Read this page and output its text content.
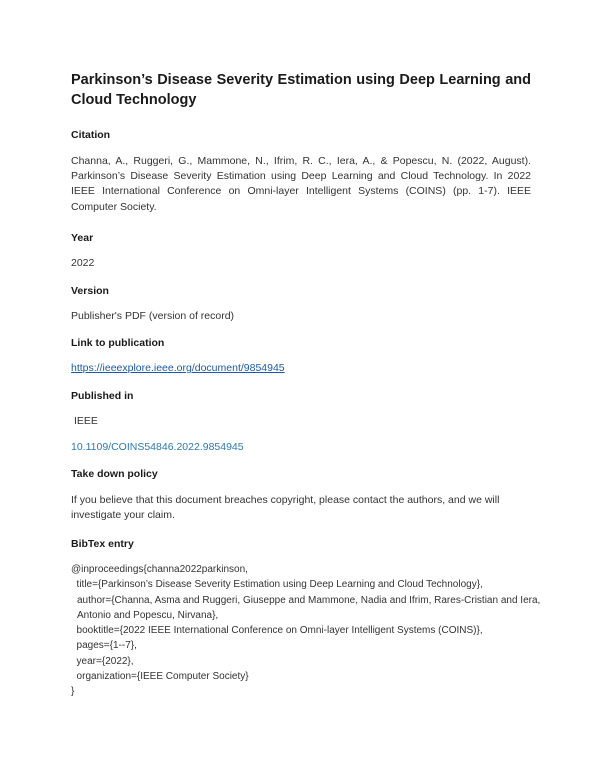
Parkinson’s Disease Severity Estimation using Deep Learning and Cloud Technology
Citation
Channa, A., Ruggeri, G., Mammone, N., Ifrim, R. C., Iera, A., & Popescu, N. (2022, August). Parkinson’s Disease Severity Estimation using Deep Learning and Cloud Technology. In 2022 IEEE International Conference on Omni-layer Intelligent Systems (COINS) (pp. 1-7). IEEE Computer Society.
Year
2022
Version
Publisher's PDF (version of record)
Link to publication
https://ieeexplore.ieee.org/document/9854945
Published in
IEEE
10.1109/COINS54846.2022.9854945
Take down policy
If you believe that this document breaches copyright, please contact the authors, and we will investigate your claim.
BibTex entry
@inproceedings{channa2022parkinson,
title={Parkinson’s Disease Severity Estimation using Deep Learning and Cloud Technology},
author={Channa, Asma and Ruggeri, Giuseppe and Mammone, Nadia and Ifrim, Rares-Cristian and Iera, Antonio and Popescu, Nirvana},
booktitle={2022 IEEE International Conference on Omni-layer Intelligent Systems (COINS)},
pages={1--7},
year={2022},
organization={IEEE Computer Society}
}
